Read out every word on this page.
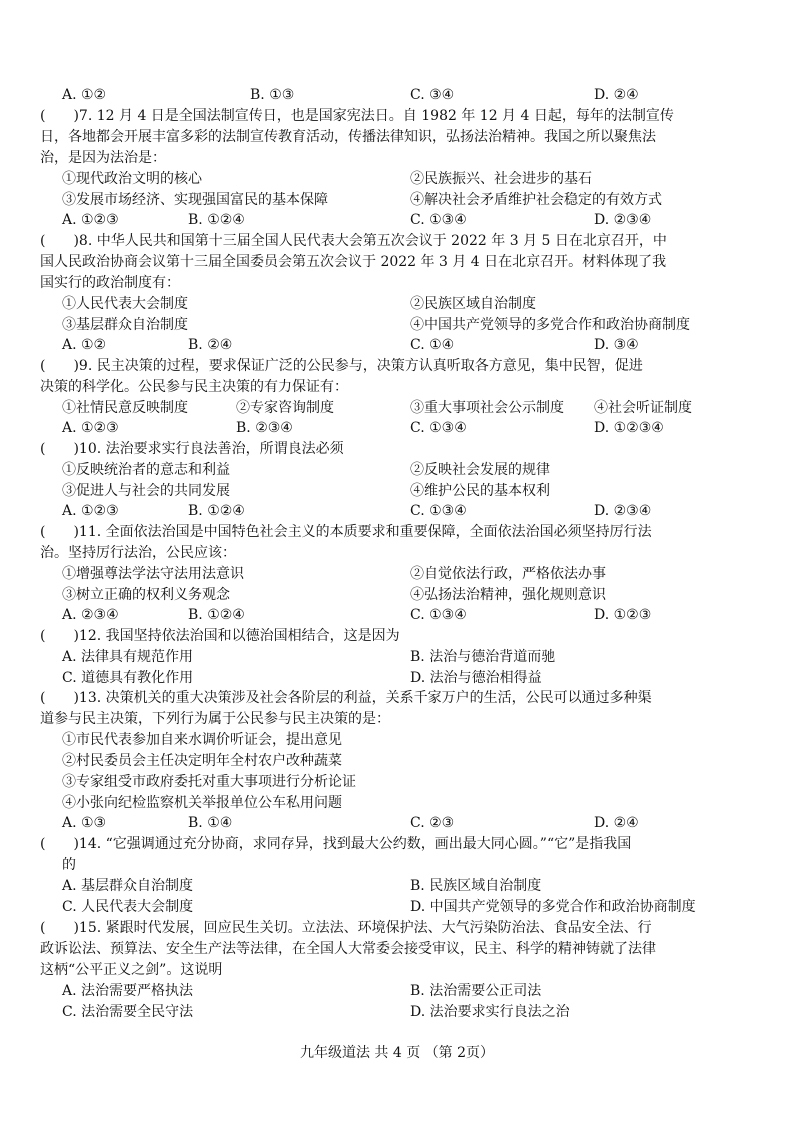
A. ①②	B. ①③	C. ③④	D. ②④
(　　)7. 12 月 4 日是全国法制宣传日，也是国家宪法日。自 1982 年 12 月 4 日起，每年的法制宣传
日，各地都会开展丰富多彩的法制宣传教育活动，传播法律知识，弘扬法治精神。我国之所以聚焦法
治，是因为法治是：
①现代政治文明的核心	②民族振兴、社会进步的基石
③发展市场经济、实现强国富民的基本保障	④解决社会矛盾维护社会稳定的有效方式
A. ①②③	B. ①②④	C. ①③④	D. ②③④
(　　)8. 中华人民共和国第十三届全国人民代表大会第五次会议于 2022 年 3 月 5 日在北京召开，中
国人民政治协商会议第十三届全国委员会第五次会议于 2022 年 3 月 4 日在北京召开。材料体现了我
国实行的政治制度有：
①人民代表大会制度	②民族区域自治制度
③基层群众自治制度	④中国共产党领导的多党合作和政治协商制度
A. ①②	B. ②④	C. ①④	D. ③④
(　　)9. 民主决策的过程，要求保证广泛的公民参与，决策方认真听取各方意见，集中民智，促进
决策的科学化。公民参与民主决策的有力保证有：
①社情民意反映制度	②专家咨询制度	③重大事项社会公示制度 ④社会听证制度
A. ①②③	B. ②③④	C. ①③④	D. ①②③④
(　　)10. 法治要求实行良法善治，所谓良法必须
①反映统治者的意志和利益	②反映社会发展的规律
③促进人与社会的共同发展	④维护公民的基本权利
A. ①②③	B. ①②④	C. ①③④	D. ②③④
(　　)11. 全面依法治国是中国特色社会主义的本质要求和重要保障，全面依法治国必须坚持厉行法
治。坚持厉行法治，公民应该：
①增强尊法学法守法用法意识	②自觉依法行政，严格依法办事
③树立正确的权利义务观念	④弘扬法治精神，强化规则意识
A. ②③④	B. ①②④	C. ①③④	D. ①②③
(　　)12. 我国坚持依法治国和以德治国相结合，这是因为
A. 法律具有规范作用	B. 法治与德治背道而驰
C. 道德具有教化作用	D. 法治与德治相得益
(　　)13. 决策机关的重大决策涉及社会各阶层的利益，关系千家万户的生活，公民可以通过多种渠
道参与民主决策，下列行为属于公民参与民主决策的是：
①市民代表参加自来水调价听证会，提出意见
②村民委员会主任决定明年全村农户改种蔬菜
③专家组受市政府委托对重大事项进行分析论证
④小张向纪检监察机关举报单位公车私用问题
A. ①③	B. ①④	C. ②③	D. ②④
(　　)14. “它强调通过充分协商，求同存异，找到最大公约数，画出最大同心圆。”“它”是指我国
的
A. 基层群众自治制度	B. 民族区域自治制度
C. 人民代表大会制度	D. 中国共产党领导的多党合作和政治协商制度
(　　)15. 紧跟时代发展，回应民生关切。立法法、环境保护法、大气污染防治法、食品安全法、行
政诉讼法、预算法、安全生产法等法律，在全国人大常委会接受审议，民主、科学的精神铸就了法律
这柄“公平正义之剑”。这说明
A. 法治需要严格执法	B. 法治需要公正司法
C. 法治需要全民守法	D. 法治要求实行良法之治
九年级道法 共 4 页 （第 2页）
